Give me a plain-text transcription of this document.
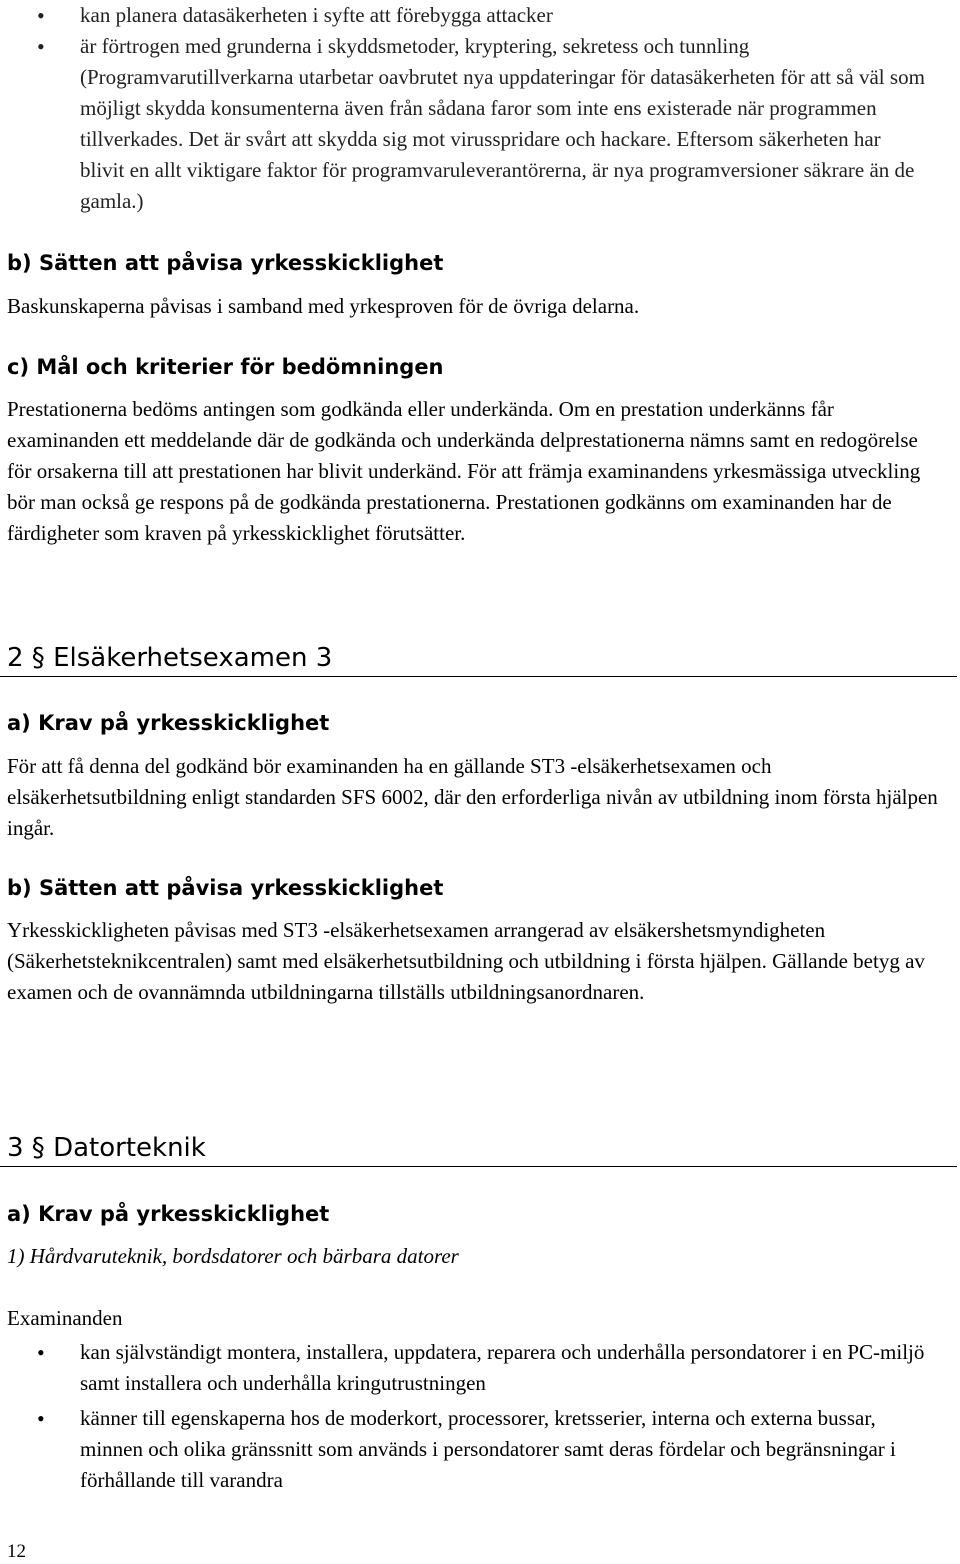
• kan planera datasäkerheten i syfte att förebygga attacker
• är förtrogen med grunderna i skyddsmetoder, kryptering, sekretess och tunnling (Programvarutillverkarna utarbetar oavbrutet nya uppdateringar för datasäkerheten för att så väl som möjligt skydda konsumenterna även från sådana faror som inte ens existerade när programmen tillverkades. Det är svårt att skydda sig mot virusspridare och hackare. Eftersom säkerheten har blivit en allt viktigare faktor för programvaruleverantörerna, är nya programversioner säkrare än de gamla.)
b) Sätten att påvisa yrkesskicklighet
Baskunskaperna påvisas i samband med yrkesproven för de övriga delarna.
c) Mål och kriterier för bedömningen
Prestationerna bedöms antingen som godkända eller underkända. Om en prestation underkänns får examinanden ett meddelande där de godkända och underkända delprestationerna nämns samt en redogörelse för orsakerna till att prestationen har blivit underkänd. För att främja examinandens yrkesmässiga utveckling bör man också ge respons på de godkända prestationerna. Prestationen godkänns om examinanden har de färdigheter som kraven på yrkesskicklighet förutsätter.
2 § Elsäkerhetsexamen 3
a) Krav på yrkesskicklighet
För att få denna del godkänd bör examinanden ha en gällande ST3 -elsäkerhetsexamen och elsäkerhetsutbildning enligt standarden SFS 6002, där den erforderliga nivån av utbildning inom första hjälpen ingår.
b) Sätten att påvisa yrkesskicklighet
Yrkesskickligheten påvisas med ST3 -elsäkerhetsexamen arrangerad av elsäkershetsmyndigheten (Säkerhetsteknikcentralen) samt med elsäkerhetsutbildning och utbildning i första hjälpen. Gällande betyg av examen och de ovannämnda utbildningarna tillställs utbildningsanordnaren.
3 § Datorteknik
a) Krav på yrkesskicklighet
1) Hårdvaruteknik, bordsdatorer och bärbara datorer
Examinanden
• kan självständigt montera, installera, uppdatera, reparera och underhålla persondatorer i en PC-miljö samt installera och underhålla kringutrustningen
• känner till egenskaperna hos de moderkort, processorer, kretsserier, interna och externa bussar, minnen och olika gränssnitt som används i persondatorer samt deras fördelar och begränsningar i förhållande till varandra
12
